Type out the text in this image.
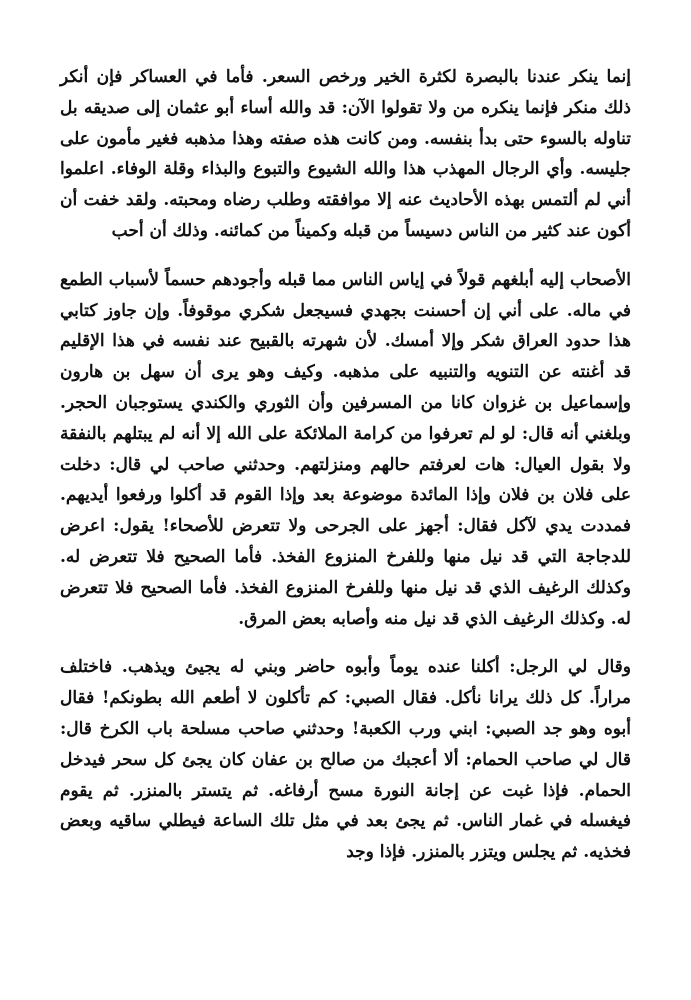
إنما ينكر عندنا بالبصرة لكثرة الخير ورخص السعر. فأما في العساكر فإن أنكر ذلك منكر فإنما ينكره من ولا تقولوا الآن: قد والله أساء أبو عثمان إلى صديقه بل تناوله بالسوء حتى بدأ بنفسه. ومن كانت هذه صفته وهذا مذهبه فغير مأمون على جليسه. وأي الرجال المهذب هذا والله الشيوع والتبوع والبذاء وقلة الوفاء. اعلموا أني لم ألتمس بهذه الأحاديث عنه إلا موافقته وطلب رضاه ومحبته. ولقد خفت أن أكون عند كثير من الناس دسيساً من قبله وكميناً من كمائنه. وذلك أن أحب

الأصحاب إليه أبلغهم قولاً في إياس الناس مما قبله وأجودهم حسماً لأسباب الطمع في ماله. على أني إن أحسنت بجهدي فسيجعل شكري موقوفاً. وإن جاوز كتابي هذا حدود العراق شكر وإلا أمسك. لأن شهرته بالقبيح عند نفسه في هذا الإقليم قد أغنته عن التنويه والتنبيه على مذهبه. وكيف وهو يرى أن سهل بن هارون وإسماعيل بن غزوان كانا من المسرفين وأن الثوري والكندي يستوجبان الحجر. وبلغني أنه قال: لو لم تعرفوا من كرامة الملائكة على الله إلا أنه لم يبتلهم بالنفقة ولا بقول العيال: هات لعرفتم حالهم ومنزلتهم. وحدثني صاحب لي قال: دخلت على فلان بن فلان وإذا المائدة موضوعة بعد وإذا القوم قد أكلوا ورفعوا أيديهم. فمددت يدي لآكل فقال: أجهز على الجرحى ولا تتعرض للأصحاء! يقول: اعرض للدجاجة التي قد نيل منها وللفرخ المنزوع الفخذ. فأما الصحيح فلا تتعرض له. وكذلك الرغيف الذي قد نيل منها وللفرخ المنزوع الفخذ. فأما الصحيح فلا تتعرض له. وكذلك الرغيف الذي قد نيل منه وأصابه بعض المرق.

وقال لي الرجل: أكلنا عنده يوماً وأبوه حاضر وبني له يجيئ ويذهب. فاختلف مراراً. كل ذلك يرانا نأكل. فقال الصبي: كم تأكلون لا أطعم الله بطونكم! فقال أبوه وهو جد الصبي: ابني ورب الكعبة! وحدثني صاحب مسلحة باب الكرخ قال: قال لي صاحب الحمام: ألا أعجبك من صالح بن عفان كان يجئ كل سحر فيدخل الحمام. فإذا غبت عن إجانة النورة مسح أرفاغه. ثم يتستر بالمنزر. ثم يقوم فيغسله في غمار الناس. ثم يجئ بعد في مثل تلك الساعة فيطلي ساقيه وبعض فخذيه. ثم يجلس ويتزر بالمنزر. فإذا وجد
